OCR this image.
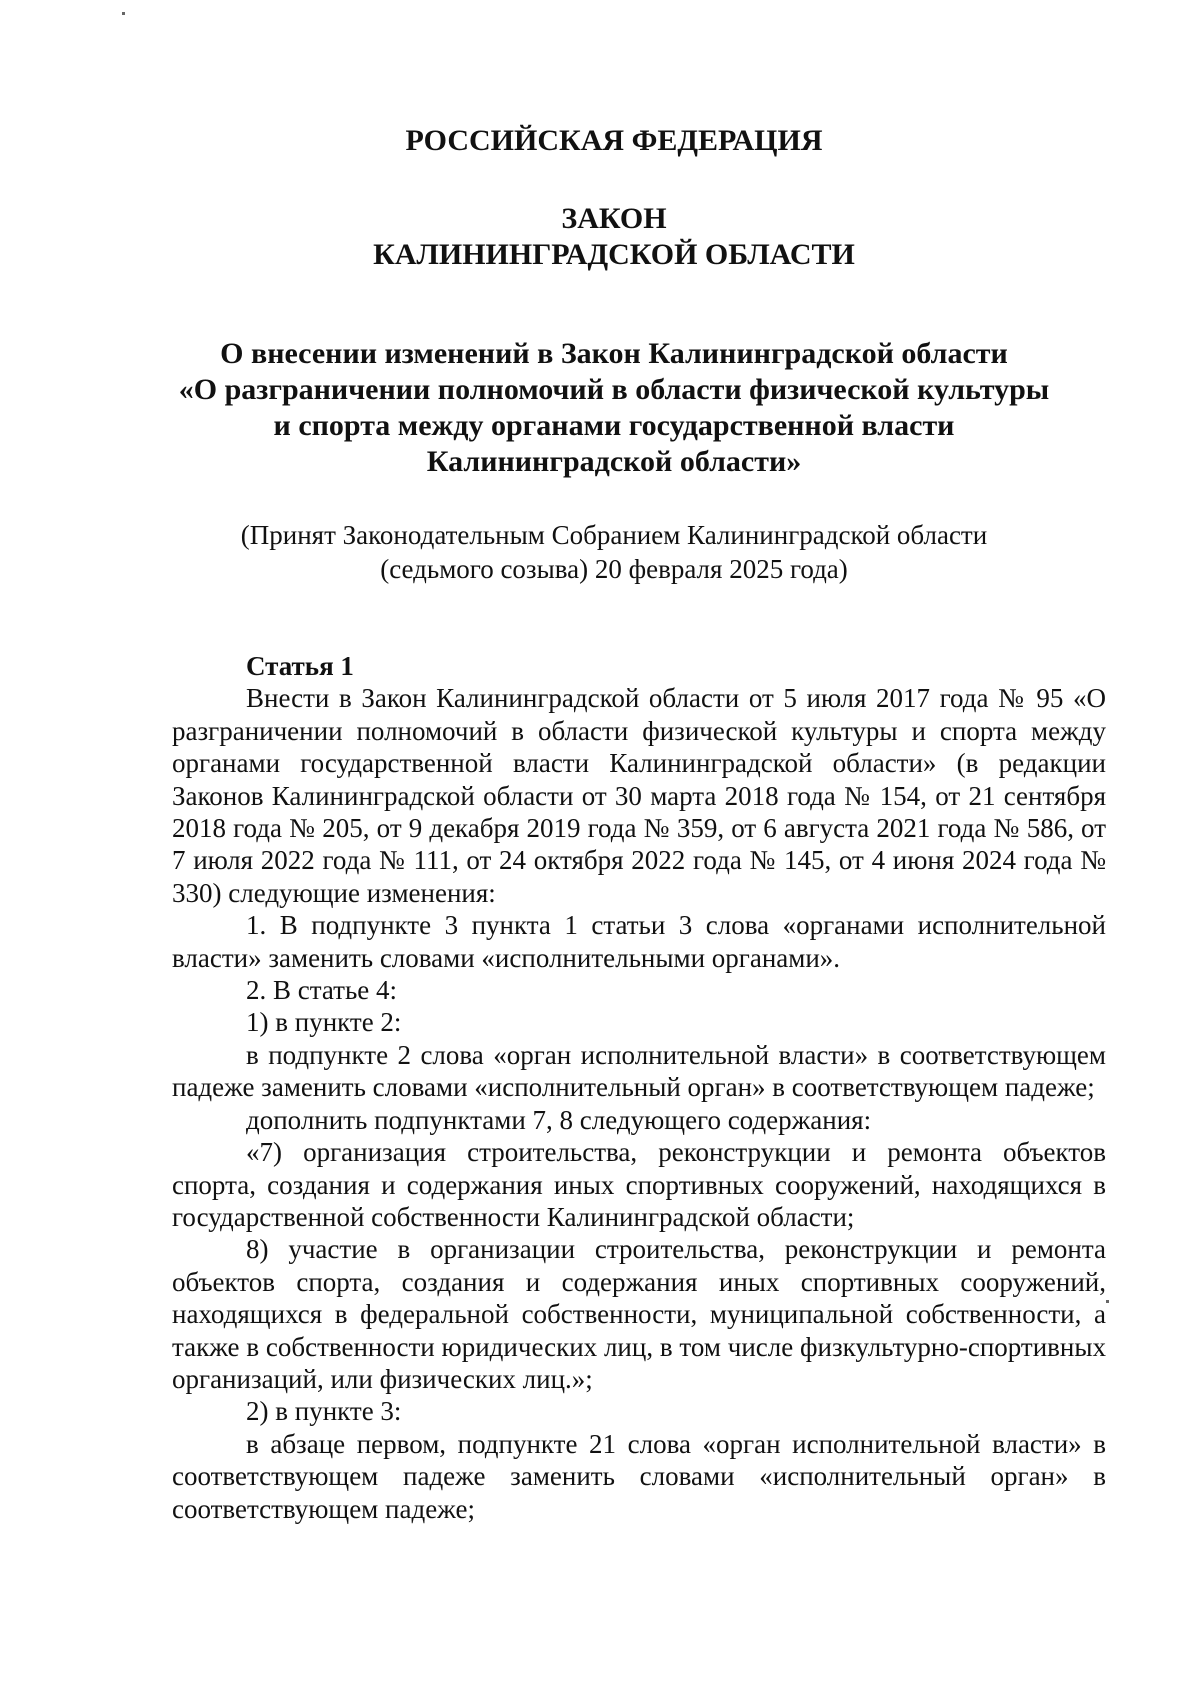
РОССИЙСКАЯ ФЕДЕРАЦИЯ

ЗАКОН

КАЛИНИНГРАДСКОЙ ОБЛАСТИ

О внесении изменений в Закон Калининградской области

«О разграничении полномочий в области физической культуры

и спорта между органами государственной власти

Калининградской области»

(Принят Законодательным Собранием Калининградской области
(седьмого созыва) 20 февраля 2025 года)

Статья 1

Внести в Закон Калининградской области от 5 июля 2017 года № 95 «О разграничении полномочий в области физической культуры и спорта между органами государственной власти Калининградской области» (в редакции Законов Калининградской области от 30 марта 2018 года № 154, от 21 сентября 2018 года № 205, от 9 декабря 2019 года № 359, от 6 августа 2021 года № 586, от 7 июля 2022 года № 111, от 24 октября 2022 года № 145, от 4 июня 2024 года № 330) следующие изменения:

1. В подпункте 3 пункта 1 статьи 3 слова «органами исполнительной власти» заменить словами «исполнительными органами».

2. В статье 4:

1) в пункте 2:

в подпункте 2 слова «орган исполнительной власти» в соответствующем падеже заменить словами «исполнительный орган» в соответствующем падеже;

дополнить подпунктами 7, 8 следующего содержания:

«7) организация строительства, реконструкции и ремонта объектов спорта, создания и содержания иных спортивных сооружений, находящихся в государственной собственности Калининградской области;

8) участие в организации строительства, реконструкции и ремонта объектов спорта, создания и содержания иных спортивных сооружений, находящихся в федеральной собственности, муниципальной собственности, а также в собственности юридических лиц, в том числе физкультурно-спортивных организаций, или физических лиц.»;

2) в пункте 3:

в абзаце первом, подпункте 21 слова «орган исполнительной власти» в соответствующем падеже заменить словами «исполнительный орган» в соответствующем падеже;
